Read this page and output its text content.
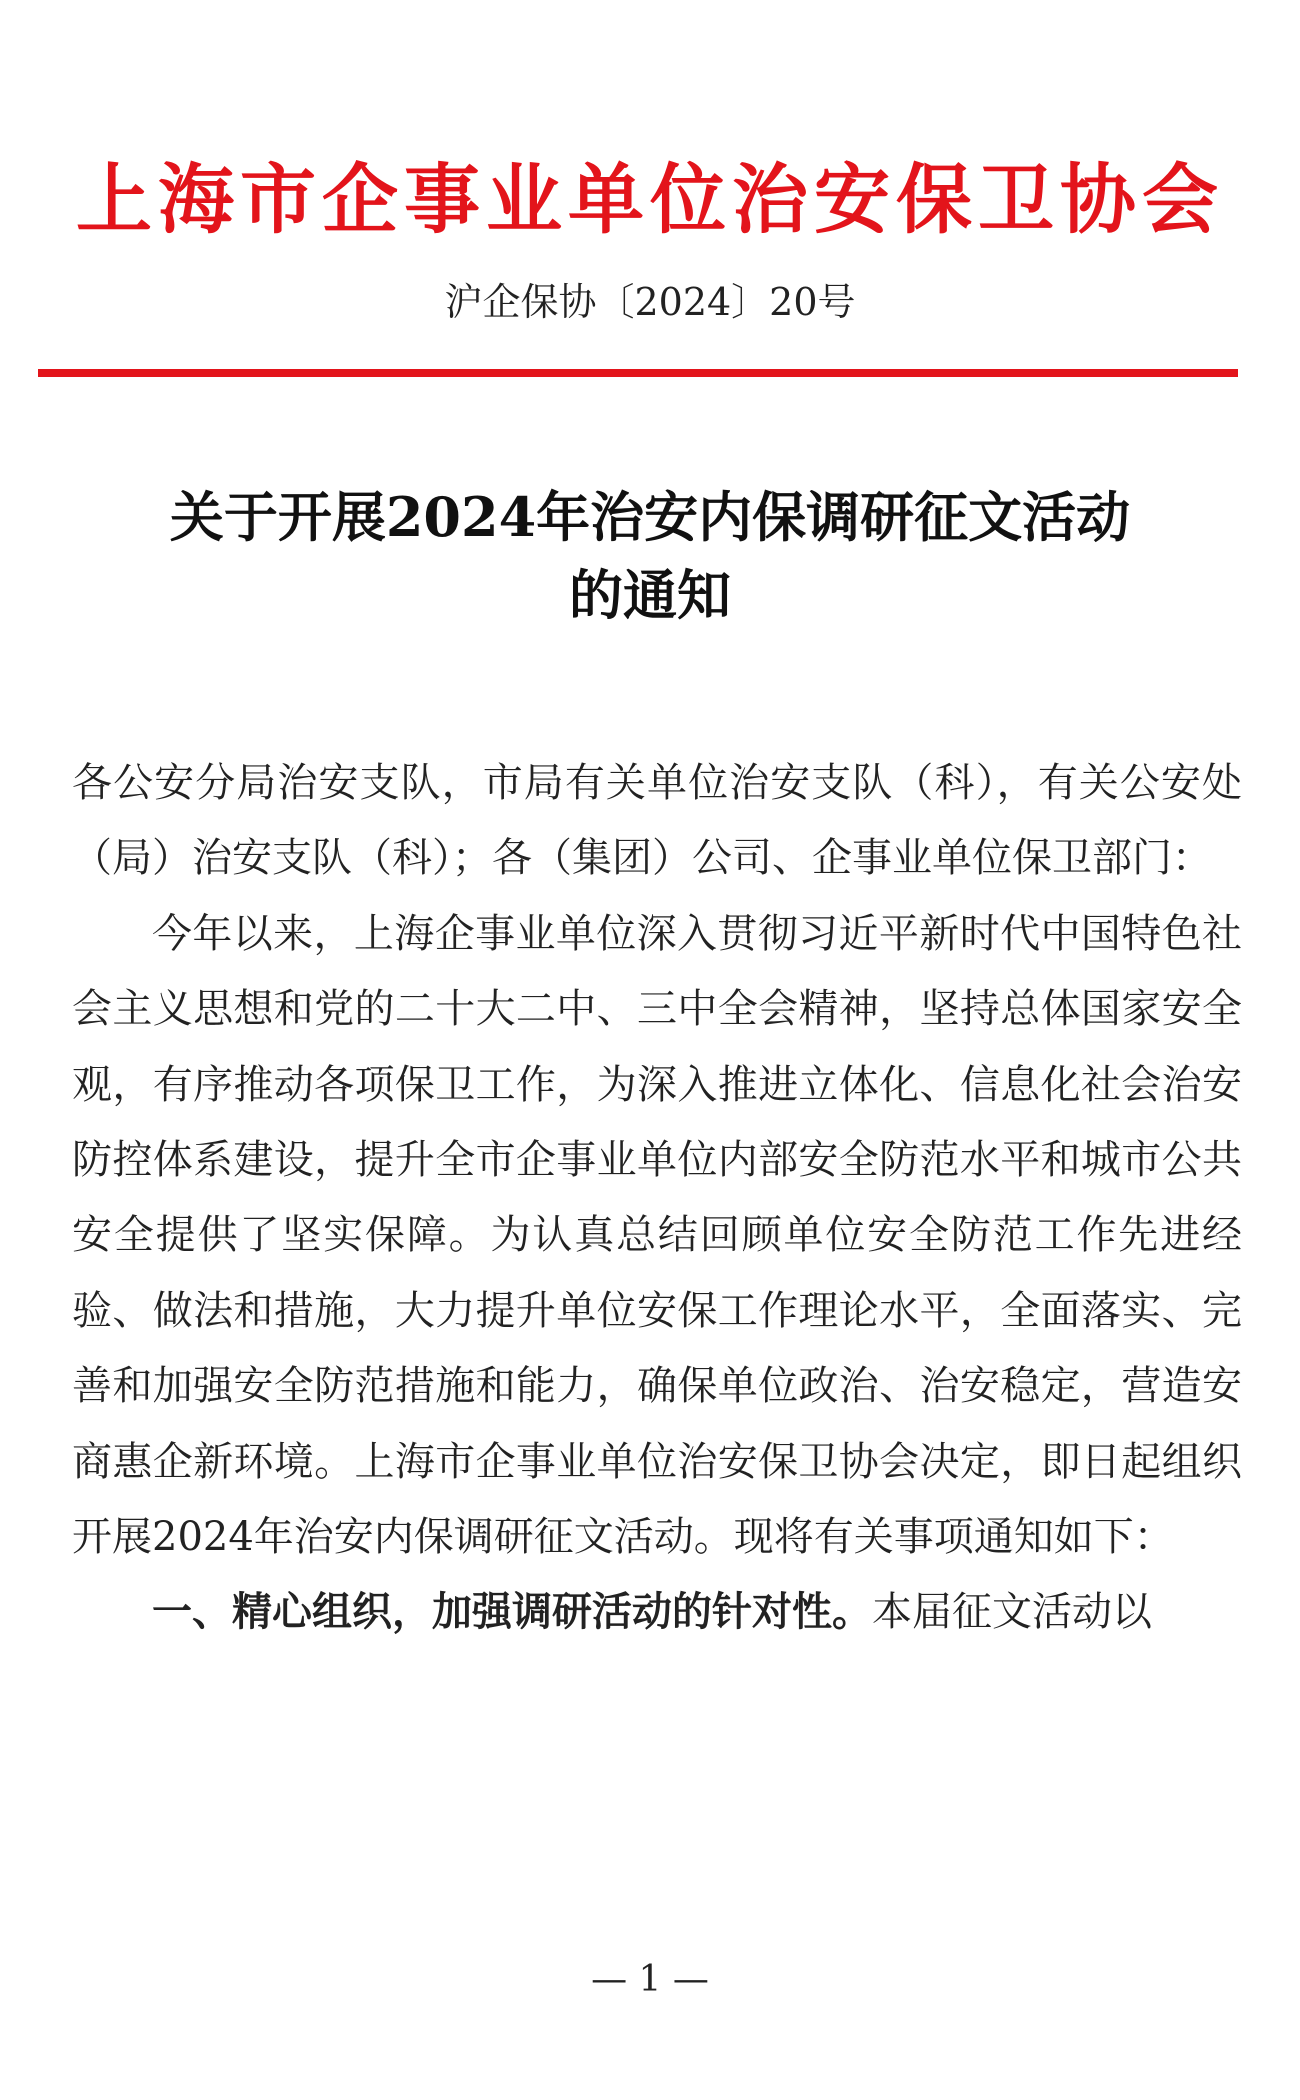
上海市企事业单位治安保卫协会
沪企保协〔2024〕20号
关于开展2024年治安内保调研征文活动
的通知

各公安分局治安支队，市局有关单位治安支队（科），有关公安处（局）治安支队（科）；各（集团）公司、企事业单位保卫部门：

今年以来，上海企事业单位深入贯彻习近平新时代中国特色社会主义思想和党的二十大二中、三中全会精神，坚持总体国家安全观，有序推动各项保卫工作，为深入推进立体化、信息化社会治安防控体系建设，提升全市企事业单位内部安全防范水平和城市公共安全提供了坚实保障。为认真总结回顾单位安全防范工作先进经验、做法和措施，大力提升单位安保工作理论水平，全面落实、完善和加强安全防范措施和能力，确保单位政治、治安稳定，营造安商惠企新环境。上海市企事业单位治安保卫协会决定，即日起组织开展2024年治安内保调研征文活动。现将有关事项通知如下：

一、精心组织，加强调研活动的针对性。本届征文活动以

— 1 —
